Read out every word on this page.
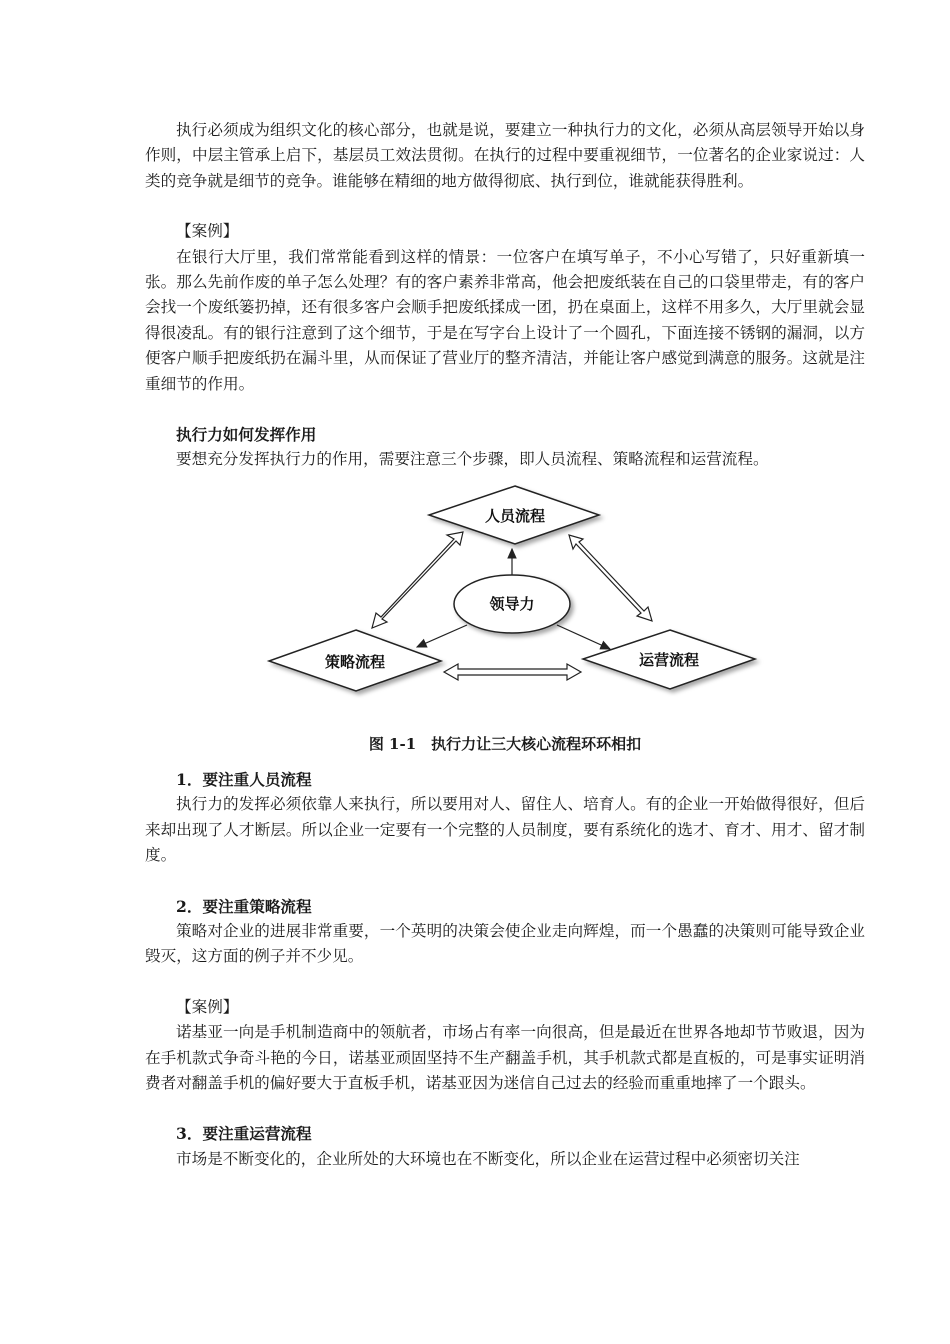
执行必须成为组织文化的核心部分，也就是说，要建立一种执行力的文化，必须从高层领导开始以身作则，中层主管承上启下，基层员工效法贯彻。在执行的过程中要重视细节，一位著名的企业家说过：人类的竞争就是细节的竞争。谁能够在精细的地方做得彻底、执行到位，谁就能获得胜利。

【案例】

在银行大厅里，我们常常能看到这样的情景：一位客户在填写单子，不小心写错了，只好重新填一张。那么先前作废的单子怎么处理？有的客户素养非常高，他会把废纸装在自己的口袋里带走，有的客户会找一个废纸篓扔掉，还有很多客户会顺手把废纸揉成一团，扔在桌面上，这样不用多久，大厅里就会显得很凌乱。有的银行注意到了这个细节，于是在写字台上设计了一个圆孔，下面连接不锈钢的漏洞，以方便客户顺手把废纸扔在漏斗里，从而保证了营业厅的整齐清洁，并能让客户感觉到满意的服务。这就是注重细节的作用。

执行力如何发挥作用

要想充分发挥执行力的作用，需要注意三个步骤，即人员流程、策略流程和运营流程。

人员流程
领导力
策略流程	运营流程

图 1-1　执行力让三大核心流程环环相扣

1．要注重人员流程

执行力的发挥必须依靠人来执行，所以要用对人、留住人、培育人。有的企业一开始做得很好，但后来却出现了人才断层。所以企业一定要有一个完整的人员制度，要有系统化的选才、育才、用才、留才制度。

2．要注重策略流程

策略对企业的进展非常重要，一个英明的决策会使企业走向辉煌，而一个愚蠢的决策则可能导致企业毁灭，这方面的例子并不少见。

【案例】

诺基亚一向是手机制造商中的领航者，市场占有率一向很高，但是最近在世界各地却节节败退，因为在手机款式争奇斗艳的今日，诺基亚顽固坚持不生产翻盖手机，其手机款式都是直板的，可是事实证明消费者对翻盖手机的偏好要大于直板手机，诺基亚因为迷信自己过去的经验而重重地摔了一个跟头。

3．要注重运营流程

市场是不断变化的，企业所处的大环境也在不断变化，所以企业在运营过程中必须密切关注
